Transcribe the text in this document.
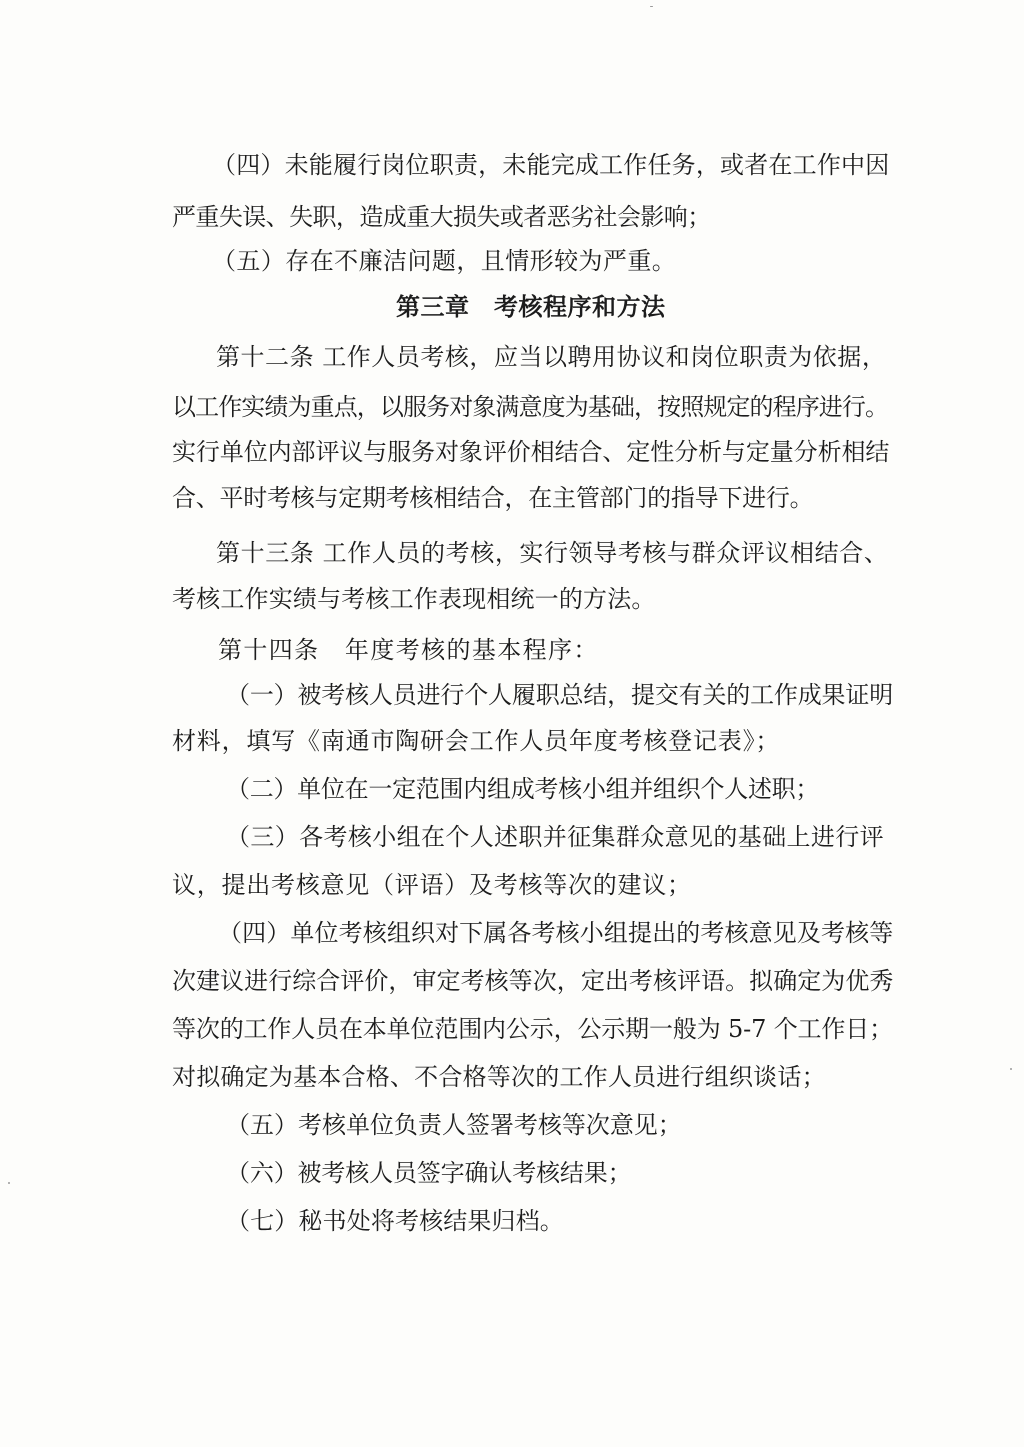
（四）未能履行岗位职责，未能完成工作任务，或者在工作中因
严重失误、失职，造成重大损失或者恶劣社会影响；
（五）存在不廉洁问题，且情形较为严重。
第三章　考核程序和方法
第十二条 工作人员考核，应当以聘用协议和岗位职责为依据，
以工作实绩为重点，以服务对象满意度为基础，按照规定的程序进行。
实行单位内部评议与服务对象评价相结合、定性分析与定量分析相结
合、平时考核与定期考核相结合，在主管部门的指导下进行。
第十三条 工作人员的考核，实行领导考核与群众评议相结合、
考核工作实绩与考核工作表现相统一的方法。
第十四条　年度考核的基本程序：
（一）被考核人员进行个人履职总结，提交有关的工作成果证明
材料，填写《南通市陶研会工作人员年度考核登记表》；
（二）单位在一定范围内组成考核小组并组织个人述职；
（三）各考核小组在个人述职并征集群众意见的基础上进行评
议，提出考核意见（评语）及考核等次的建议；
（四）单位考核组织对下属各考核小组提出的考核意见及考核等
次建议进行综合评价，审定考核等次，定出考核评语。拟确定为优秀
等次的工作人员在本单位范围内公示，公示期一般为 5-7 个工作日；
对拟确定为基本合格、不合格等次的工作人员进行组织谈话；
（五）考核单位负责人签署考核等次意见；
（六）被考核人员签字确认考核结果；
（七）秘书处将考核结果归档。
